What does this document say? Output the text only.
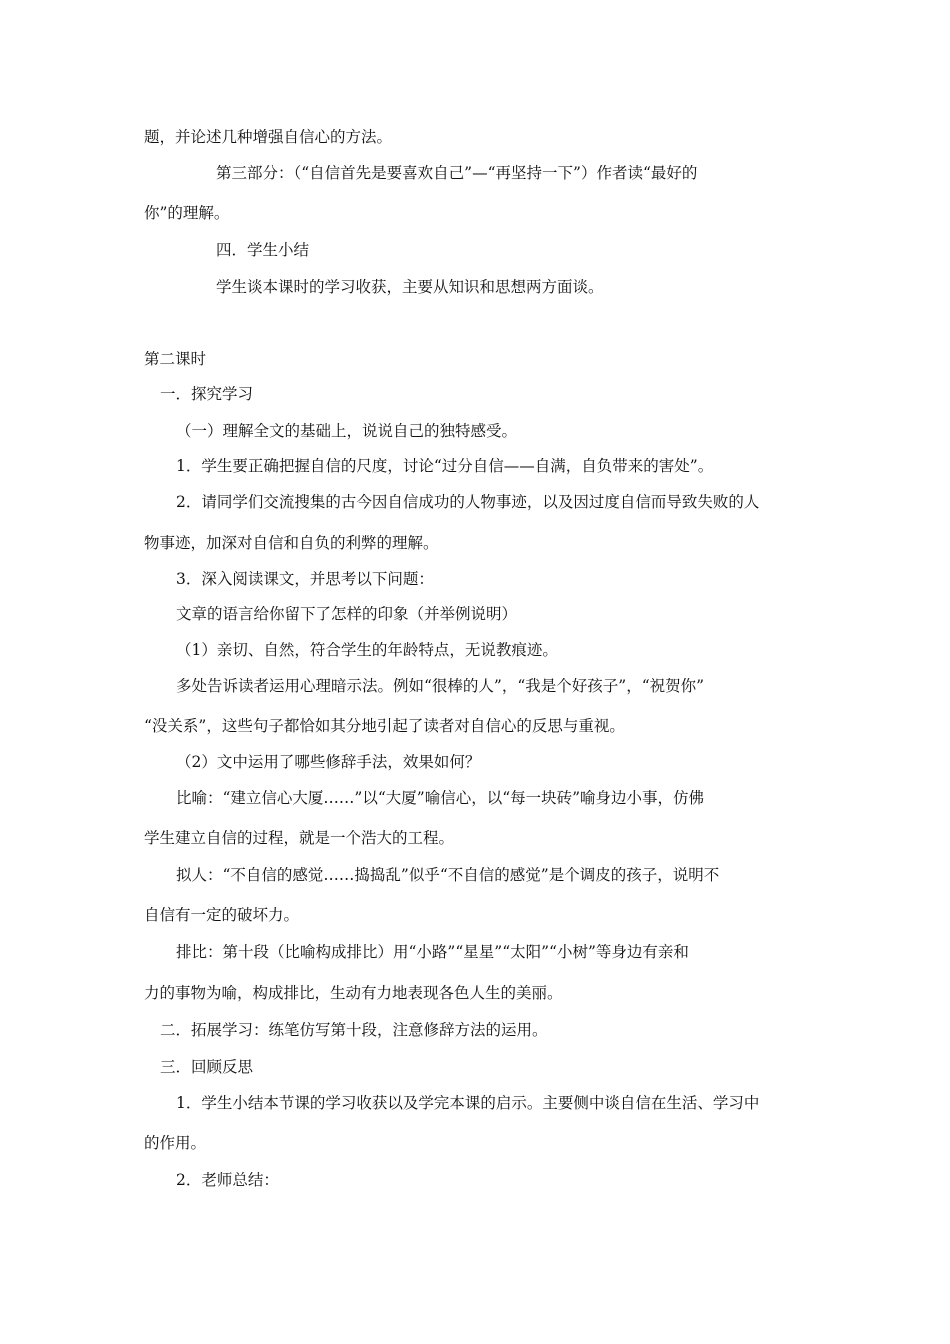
题，并论述几种增强自信心的方法。
第三部分：（“自信首先是要喜欢自己”—“再坚持一下”）作者读“最好的
你”的理解。
四．学生小结
学生谈本课时的学习收获，主要从知识和思想两方面谈。
第二课时
一．探究学习
（一）理解全文的基础上，说说自己的独特感受。
1．学生要正确把握自信的尺度，讨论“过分自信——自满，自负带来的害处”。
2．请同学们交流搜集的古今因自信成功的人物事迹，以及因过度自信而导致失败的人
物事迹，加深对自信和自负的利弊的理解。
3．深入阅读课文，并思考以下问题：
文章的语言给你留下了怎样的印象（并举例说明）
（1）亲切、自然，符合学生的年龄特点，无说教痕迹。
多处告诉读者运用心理暗示法。例如“很棒的人”，“我是个好孩子”，“祝贺你”
“没关系”，这些句子都恰如其分地引起了读者对自信心的反思与重视。
（2）文中运用了哪些修辞手法，效果如何？
比喻：“建立信心大厦……”以“大厦”喻信心，以“每一块砖”喻身边小事，仿佛
学生建立自信的过程，就是一个浩大的工程。
拟人：“不自信的感觉……捣捣乱”似乎“不自信的感觉”是个调皮的孩子，说明不
自信有一定的破坏力。
排比：第十段（比喻构成排比）用“小路”“星星”“太阳”“小树”等身边有亲和
力的事物为喻，构成排比，生动有力地表现各色人生的美丽。
二．拓展学习：练笔仿写第十段，注意修辞方法的运用。
三．回顾反思
1．学生小结本节课的学习收获以及学完本课的启示。主要侧中谈自信在生活、学习中
的作用。
2．老师总结：
